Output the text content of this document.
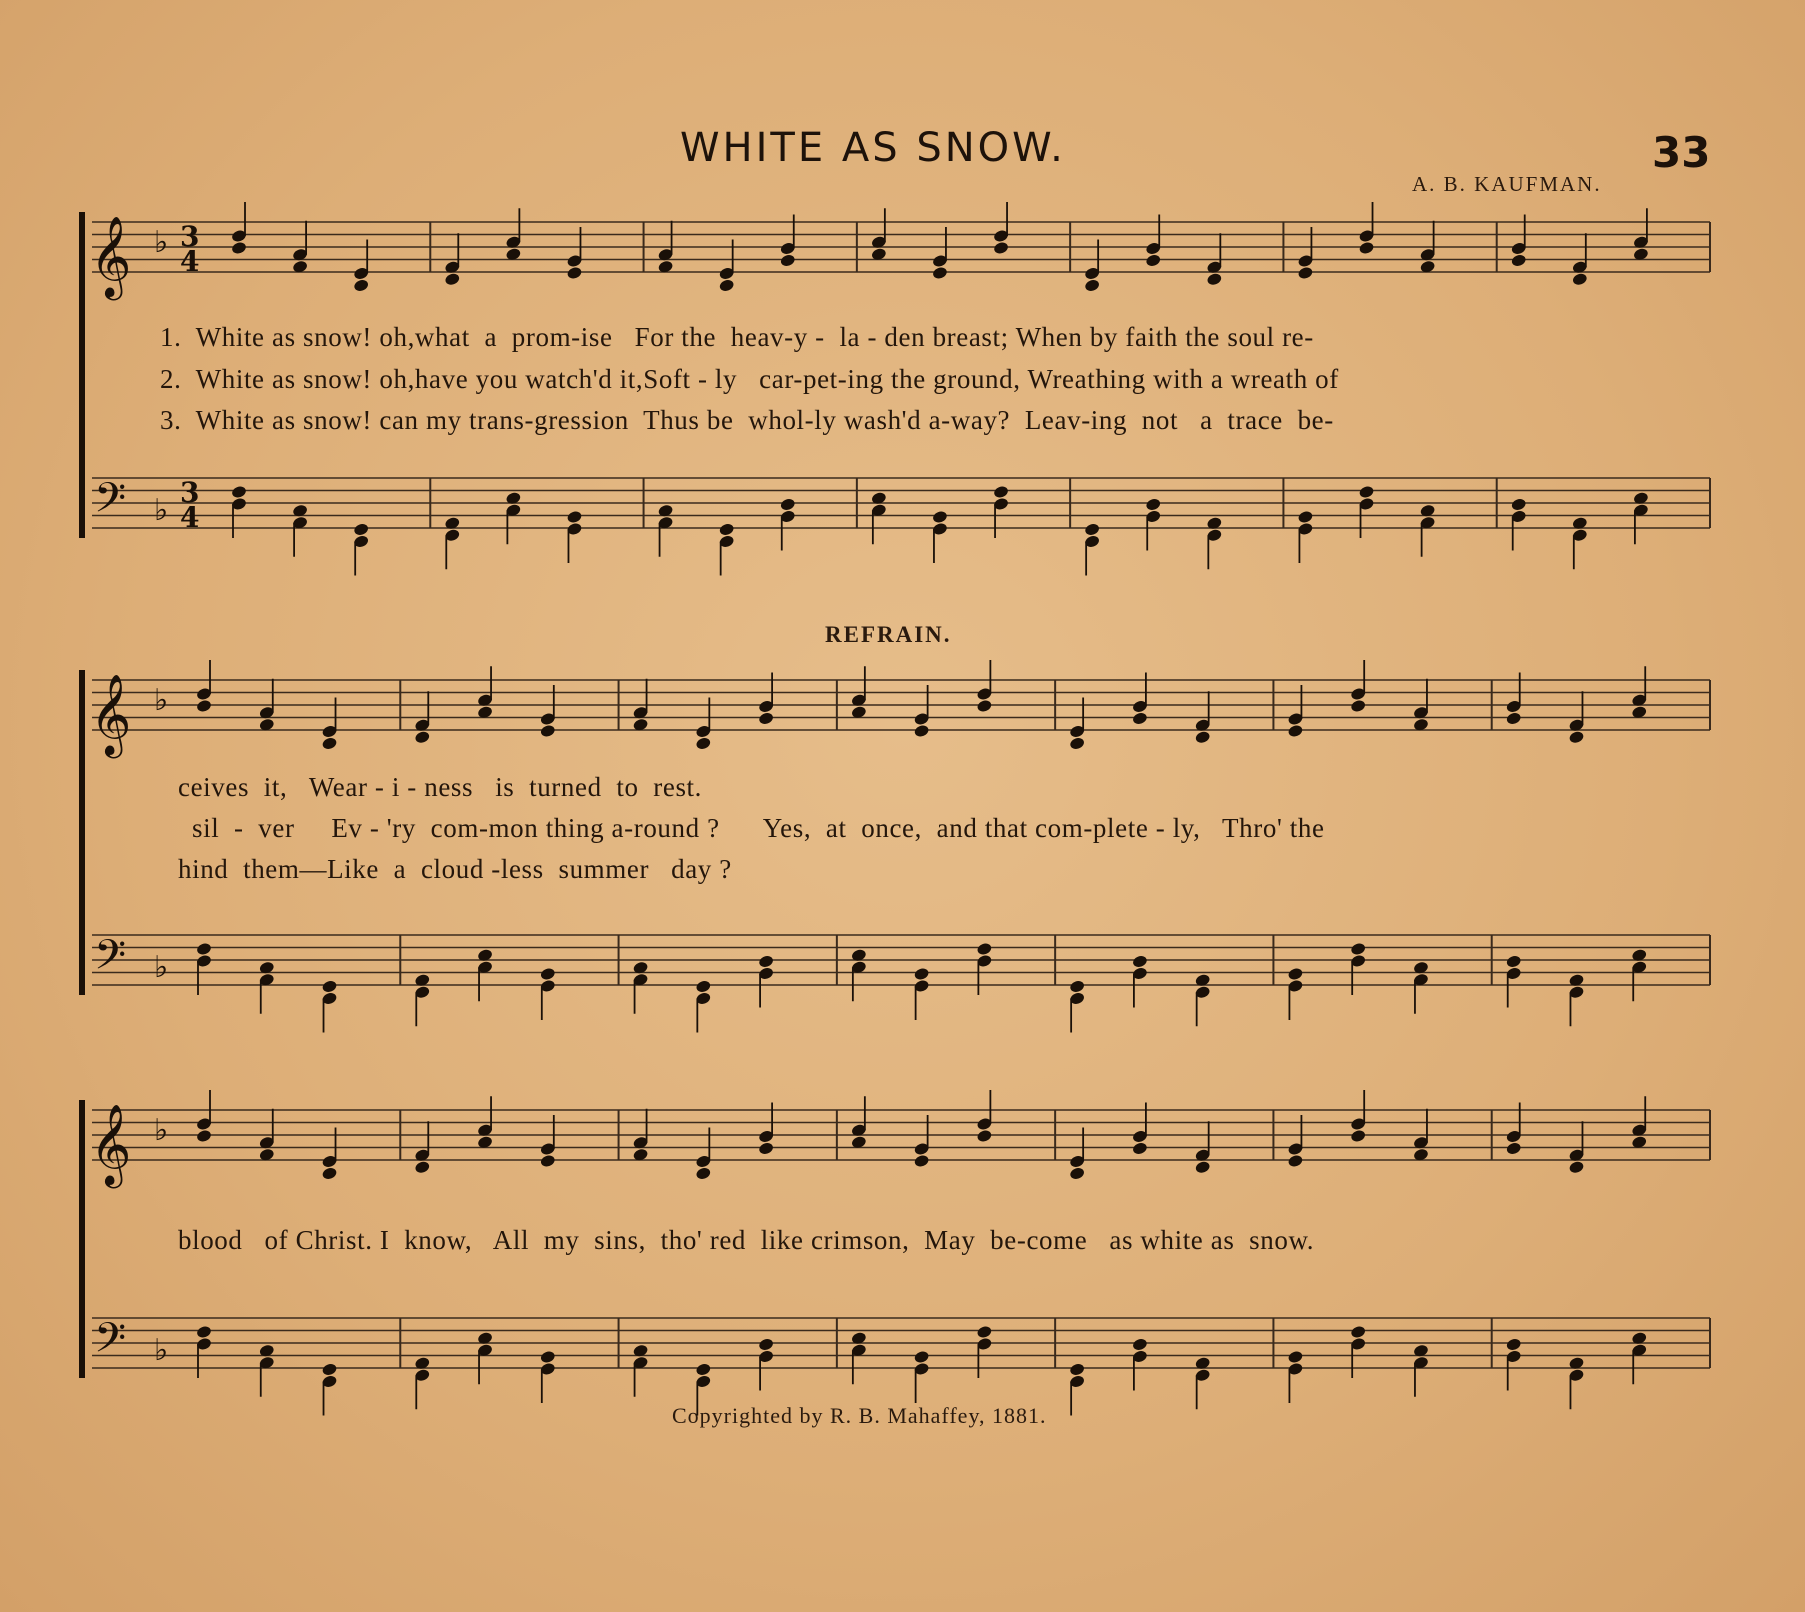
WHITE AS SNOW.	33
A. B. KAUFMAN.
REFRAIN.
Copyrighted by R. B. Mahaffey, 1881.
𝄞
𝄢
♭
♭
3
4
3
4
𝄞
𝄢
♭
♭
𝄞
𝄢
♭
♭
1.  White as snow! oh,what  a  prom-ise   For the  heav-y -  la - den breast; When by faith the soul re-
2.  White as snow! oh,have you watch'd it,Soft - ly   car-pet-ing the ground, Wreathing with a wreath of
3.  White as snow! can my trans-gression  Thus be  whol-ly wash'd a-way?  Leav-ing  not   a  trace  be-
ceives  it,   Wear - i - ness   is  turned  to  rest.
sil  -  ver     Ev - 'ry  com-mon thing a-round ?      Yes,  at  once,  and that com-plete - ly,   Thro' the
hind  them—Like  a  cloud -less  summer   day ?
blood   of Christ. I  know,   All  my  sins,  tho' red  like crimson,  May  be-come   as white as  snow.
